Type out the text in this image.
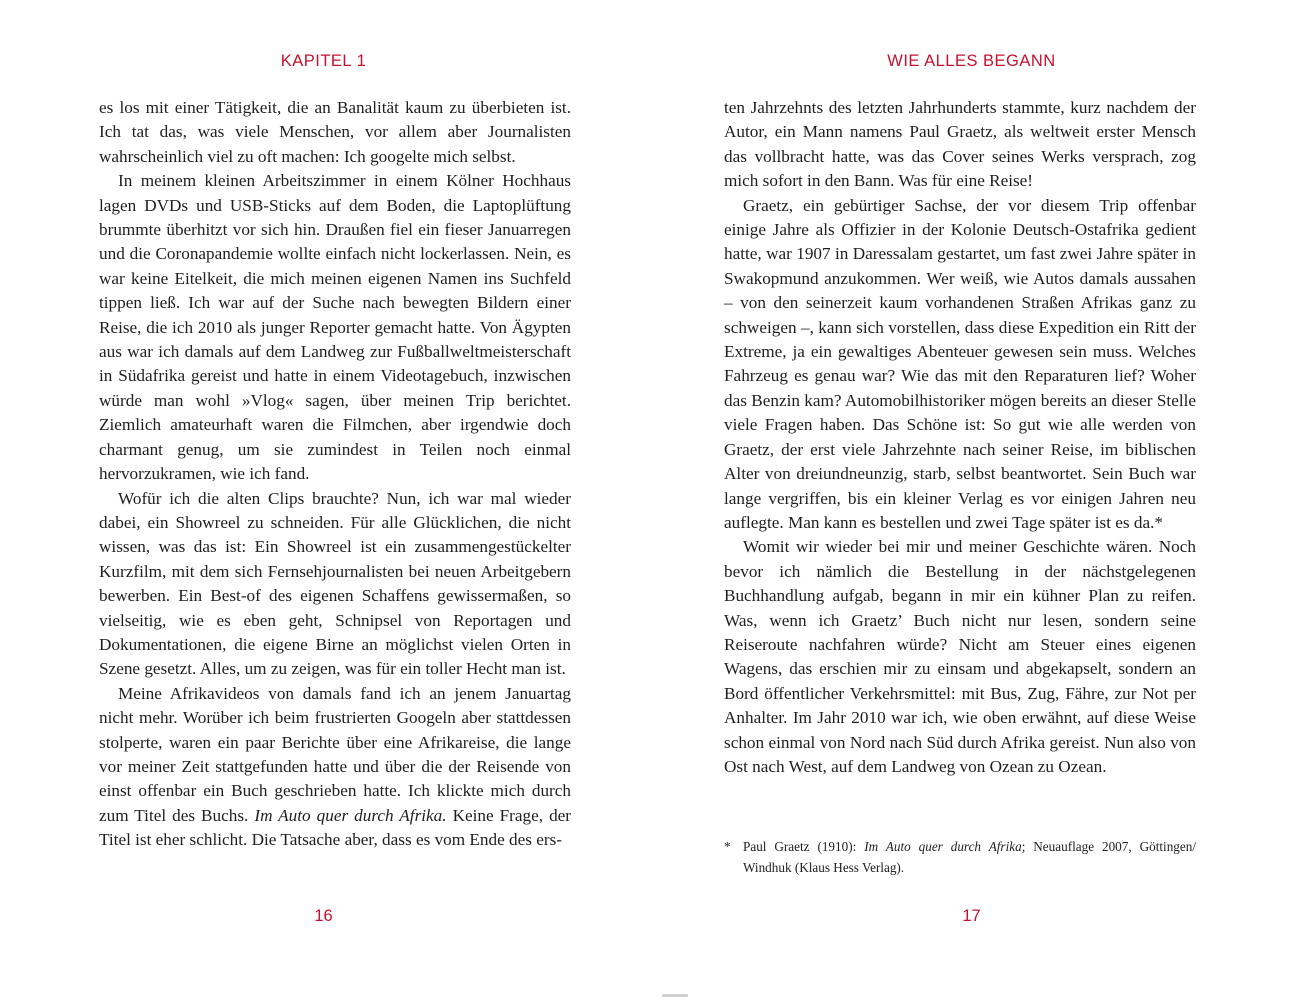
KAPITEL 1

es los mit einer Tätigkeit, die an Banalität kaum zu überbieten ist. Ich tat das, was viele Menschen, vor allem aber Journalisten wahrscheinlich viel zu oft machen: Ich googelte mich selbst.

In meinem kleinen Arbeitszimmer in einem Kölner Hochhaus lagen DVDs und USB-Sticks auf dem Boden, die Laptoplüftung brummte überhitzt vor sich hin. Draußen fiel ein fieser Januarregen und die Coronapandemie wollte einfach nicht lockerlassen. Nein, es war keine Eitelkeit, die mich meinen eigenen Namen ins Suchfeld tippen ließ. Ich war auf der Suche nach bewegten Bildern einer Reise, die ich 2010 als junger Reporter gemacht hatte. Von Ägypten aus war ich damals auf dem Landweg zur Fußballweltmeisterschaft in Südafrika gereist und hatte in einem Videotagebuch, inzwischen würde man wohl »Vlog« sagen, über meinen Trip berichtet. Ziemlich amateurhaft waren die Filmchen, aber irgendwie doch charmant genug, um sie zumindest in Teilen noch einmal hervorzukramen, wie ich fand.

Wofür ich die alten Clips brauchte? Nun, ich war mal wieder dabei, ein Showreel zu schneiden. Für alle Glücklichen, die nicht wissen, was das ist: Ein Showreel ist ein zusammengestückelter Kurzfilm, mit dem sich Fernsehjournalisten bei neuen Arbeitgebern bewerben. Ein Best-of des eigenen Schaffens gewissermaßen, so vielseitig, wie es eben geht, Schnipsel von Reportagen und Dokumentationen, die eigene Birne an möglichst vielen Orten in Szene gesetzt. Alles, um zu zeigen, was für ein toller Hecht man ist.

Meine Afrikavideos von damals fand ich an jenem Januartag nicht mehr. Worüber ich beim frustrierten Googeln aber stattdessen stolperte, waren ein paar Berichte über eine Afrikareise, die lange vor meiner Zeit stattgefunden hatte und über die der Reisende von einst offenbar ein Buch geschrieben hatte. Ich klickte mich durch zum Titel des Buchs. Im Auto quer durch Afrika. Keine Frage, der Titel ist eher schlicht. Die Tatsache aber, dass es vom Ende des ers-

16
WIE ALLES BEGANN

ten Jahrzehnts des letzten Jahrhunderts stammte, kurz nachdem der Autor, ein Mann namens Paul Graetz, als weltweit erster Mensch das vollbracht hatte, was das Cover seines Werks versprach, zog mich sofort in den Bann. Was für eine Reise!

Graetz, ein gebürtiger Sachse, der vor diesem Trip offenbar einige Jahre als Offizier in der Kolonie Deutsch-Ostafrika gedient hatte, war 1907 in Daressalam gestartet, um fast zwei Jahre später in Swakopmund anzukommen. Wer weiß, wie Autos damals aussahen – von den seinerzeit kaum vorhandenen Straßen Afrikas ganz zu schweigen –, kann sich vorstellen, dass diese Expedition ein Ritt der Extreme, ja ein gewaltiges Abenteuer gewesen sein muss. Welches Fahrzeug es genau war? Wie das mit den Reparaturen lief? Woher das Benzin kam? Automobilhistoriker mögen bereits an dieser Stelle viele Fragen haben. Das Schöne ist: So gut wie alle werden von Graetz, der erst viele Jahrzehnte nach seiner Reise, im biblischen Alter von dreiundneunzig, starb, selbst beantwortet. Sein Buch war lange vergriffen, bis ein kleiner Verlag es vor einigen Jahren neu auflegte. Man kann es bestellen und zwei Tage später ist es da.*

Womit wir wieder bei mir und meiner Geschichte wären. Noch bevor ich nämlich die Bestellung in der nächstgelegenen Buchhandlung aufgab, begann in mir ein kühner Plan zu reifen. Was, wenn ich Graetz’ Buch nicht nur lesen, sondern seine Reiseroute nachfahren würde? Nicht am Steuer eines eigenen Wagens, das erschien mir zu einsam und abgekapselt, sondern an Bord öffentlicher Verkehrsmittel: mit Bus, Zug, Fähre, zur Not per Anhalter. Im Jahr 2010 war ich, wie oben erwähnt, auf diese Weise schon einmal von Nord nach Süd durch Afrika gereist. Nun also von Ost nach West, auf dem Landweg von Ozean zu Ozean.

* Paul Graetz (1910): Im Auto quer durch Afrika; Neuauflage 2007, Göttingen/ Windhuk (Klaus Hess Verlag).
17
